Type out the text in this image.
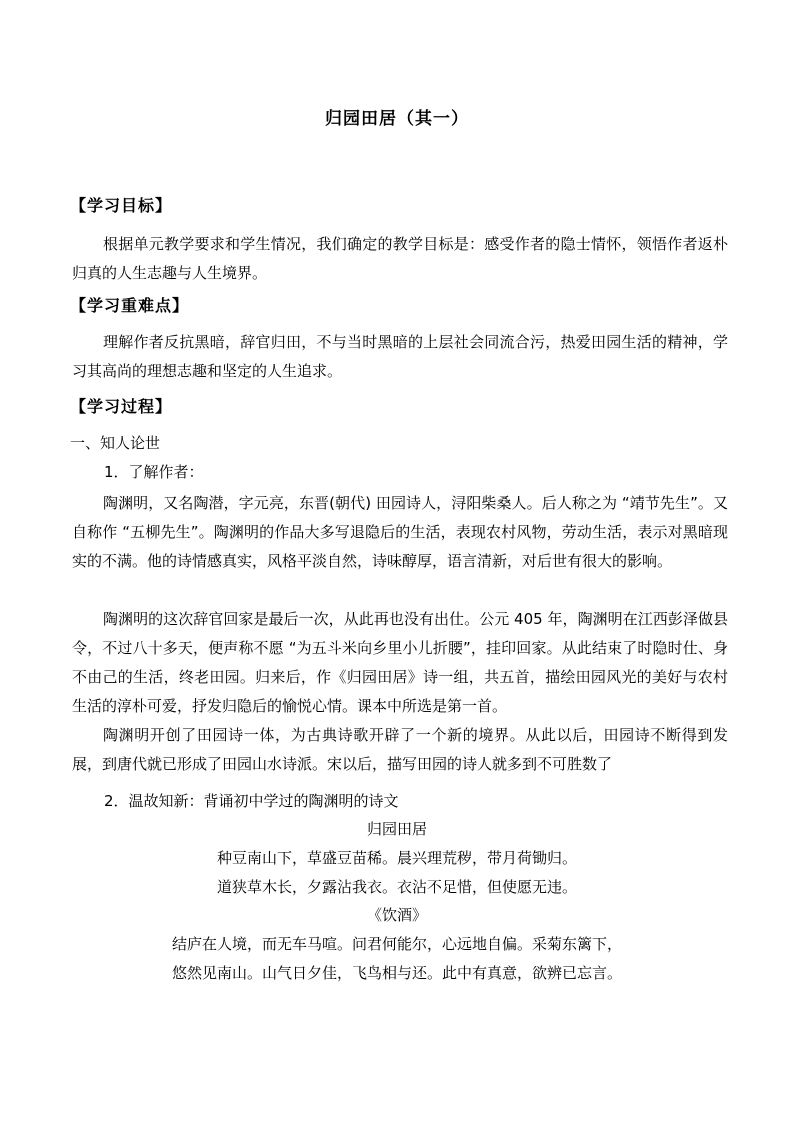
归园田居（其一）
【学习目标】
根据单元教学要求和学生情况，我们确定的教学目标是：感受作者的隐士情怀，领悟作者返朴归真的人生志趣与人生境界。
【学习重难点】
理解作者反抗黑暗，辞官归田，不与当时黑暗的上层社会同流合污，热爱田园生活的精神，学习其高尚的理想志趣和坚定的人生追求。
【学习过程】
一、知人论世
1．了解作者：
陶渊明，又名陶潜，字元亮，东晋(朝代) 田园诗人，浔阳柴桑人。后人称之为 “靖节先生”。又自称作 “五柳先生”。陶渊明的作品大多写退隐后的生活，表现农村风物，劳动生活，表示对黑暗现实的不满。他的诗情感真实，风格平淡自然，诗味醇厚，语言清新，对后世有很大的影响。
陶渊明的这次辞官回家是最后一次，从此再也没有出仕。公元 405 年，陶渊明在江西彭泽做县令，不过八十多天，便声称不愿 “为五斗米向乡里小儿折腰”，挂印回家。从此结束了时隐时仕、身不由己的生活，终老田园。归来后，作《归园田居》诗一组，共五首，描绘田园风光的美好与农村生活的淳朴可爱，抒发归隐后的愉悦心情。课本中所选是第一首。
陶渊明开创了田园诗一体，为古典诗歌开辟了一个新的境界。从此以后，田园诗不断得到发展，到唐代就已形成了田园山水诗派。宋以后，描写田园的诗人就多到不可胜数了
2．温故知新：背诵初中学过的陶渊明的诗文
归园田居
种豆南山下，草盛豆苗稀。晨兴理荒秽，带月荷锄归。
道狭草木长，夕露沾我衣。衣沾不足惜，但使愿无违。
《饮酒》
结庐在人境，而无车马喧。问君何能尔，心远地自偏。采菊东篱下，
悠然见南山。山气日夕佳，飞鸟相与还。此中有真意，欲辨已忘言。
